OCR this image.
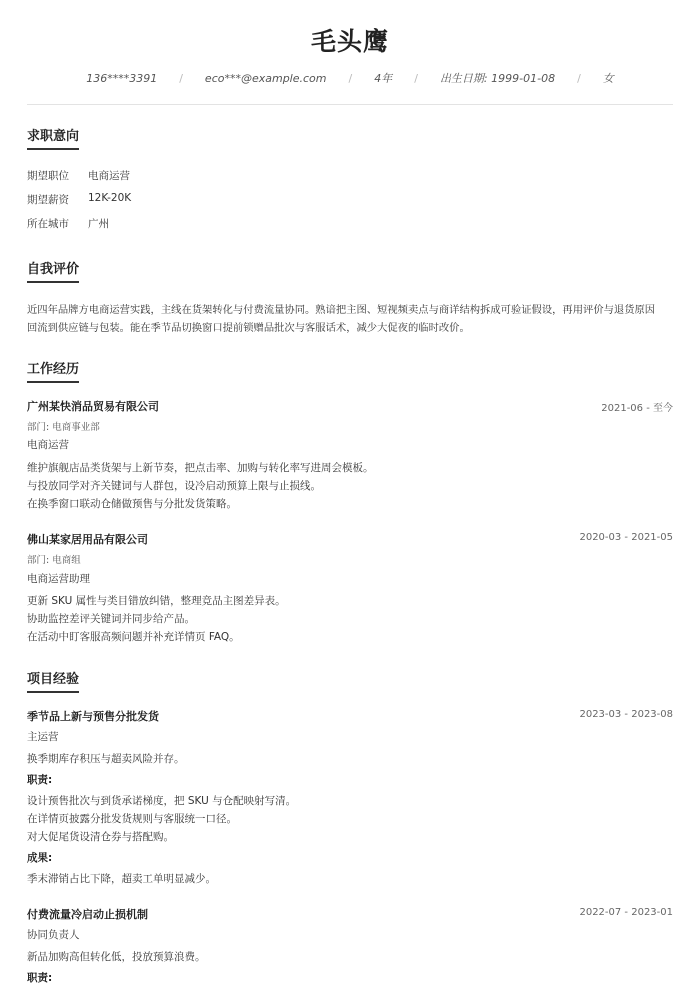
毛头鹰
136****3391 / eco***@example.com / 4年 / 出生日期: 1999-01-08 / 女
求职意向
期望职位	电商运营
期望薪资	12K-20K
所在城市	广州
自我评价
近四年品牌方电商运营实践，主线在货架转化与付费流量协同。熟谙把主图、短视频卖点与商详结构拆成可验证假设，再用评价与退货原因
回流到供应链与包装。能在季节品切换窗口提前锁赠品批次与客服话术，减少大促夜的临时改价。
工作经历
广州某快消品贸易有限公司	2021-06 - 至今
部门: 电商事业部
电商运营
维护旗舰店品类货架与上新节奏，把点击率、加购与转化率写进周会模板。
与投放同学对齐关键词与人群包，设冷启动预算上限与止损线。
在换季窗口联动仓储做预售与分批发货策略。
佛山某家居用品有限公司	2020-03 - 2021-05
部门: 电商组
电商运营助理
更新 SKU 属性与类目错放纠错，整理竞品主图差异表。
协助监控差评关键词并同步给产品。
在活动中盯客服高频问题并补充详情页 FAQ。
项目经验
季节品上新与预售分批发货	2023-03 - 2023-08
主运营
换季期库存积压与超卖风险并存。
职责:
设计预售批次与到货承诺梯度，把 SKU 与仓配映射写清。
在详情页披露分批发货规则与客服统一口径。
对大促尾货设清仓券与搭配购。
成果:
季末滞销占比下降，超卖工单明显减少。
付费流量冷启动止损机制	2022-07 - 2023-01
协同负责人
新品加购高但转化低，投放预算浪费。
职责:
